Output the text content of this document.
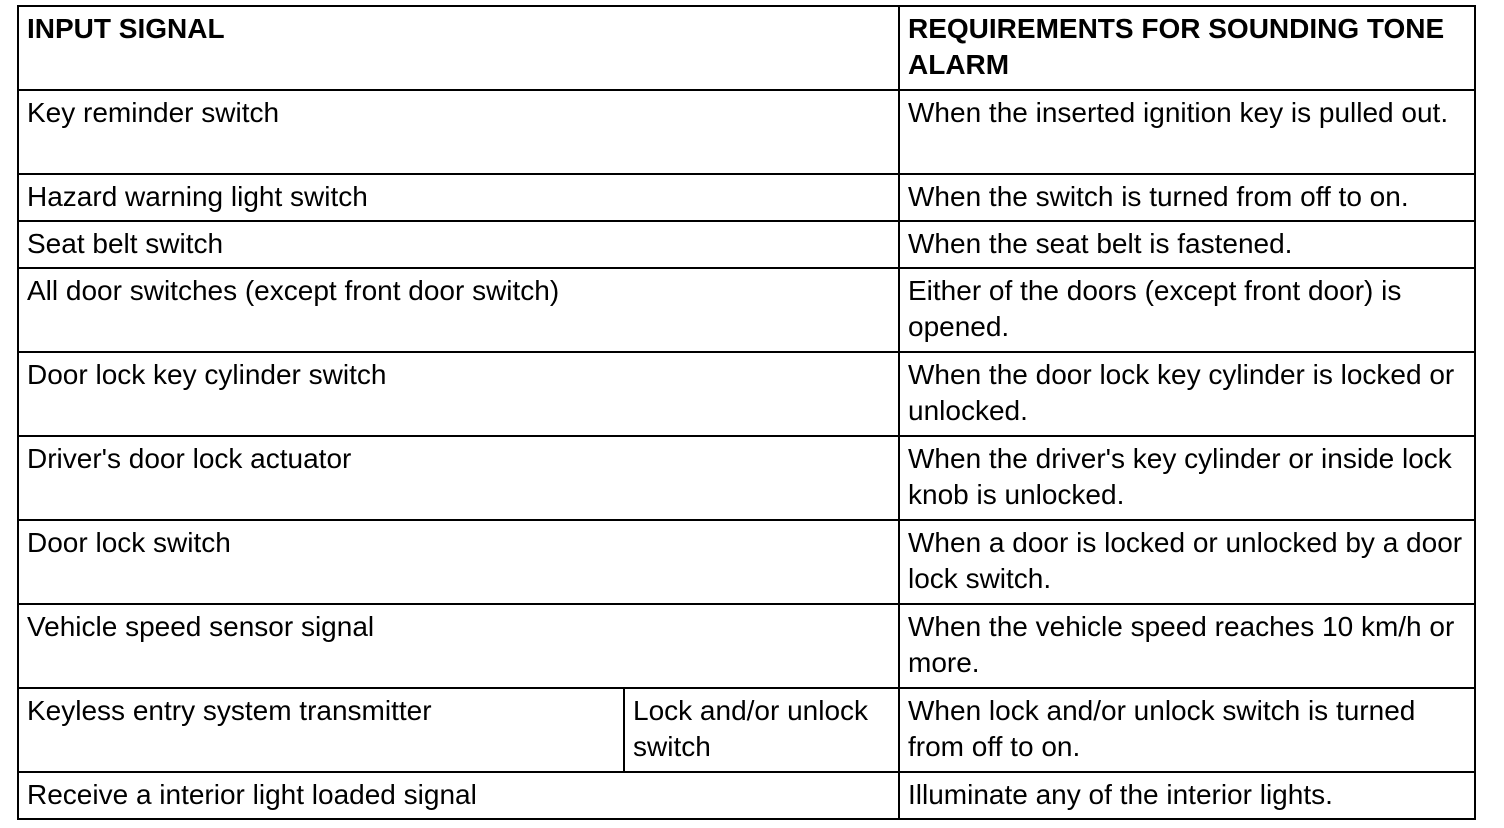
INPUT SIGNAL		REQUIREMENTS FOR SOUNDING TONE ALARM
Key reminder switch		When the inserted ignition key is pulled out.
Hazard warning light switch		When the switch is turned from off to on.
Seat belt switch		When the seat belt is fastened.
All door switches (except front door switch)		Either of the doors (except front door) is opened.
Door lock key cylinder switch		When the door lock key cylinder is locked or unlocked.
Driver's door lock actuator		When the driver's key cylinder or inside lock knob is unlocked.
Door lock switch		When a door is locked or unlocked by a door lock switch.
Vehicle speed sensor signal		When the vehicle speed reaches 10 km/h or more.
Keyless entry system transmitter	Lock and/or unlock switch	When lock and/or unlock switch is turned from off to on.
Receive a interior light loaded signal		Illuminate any of the interior lights.
